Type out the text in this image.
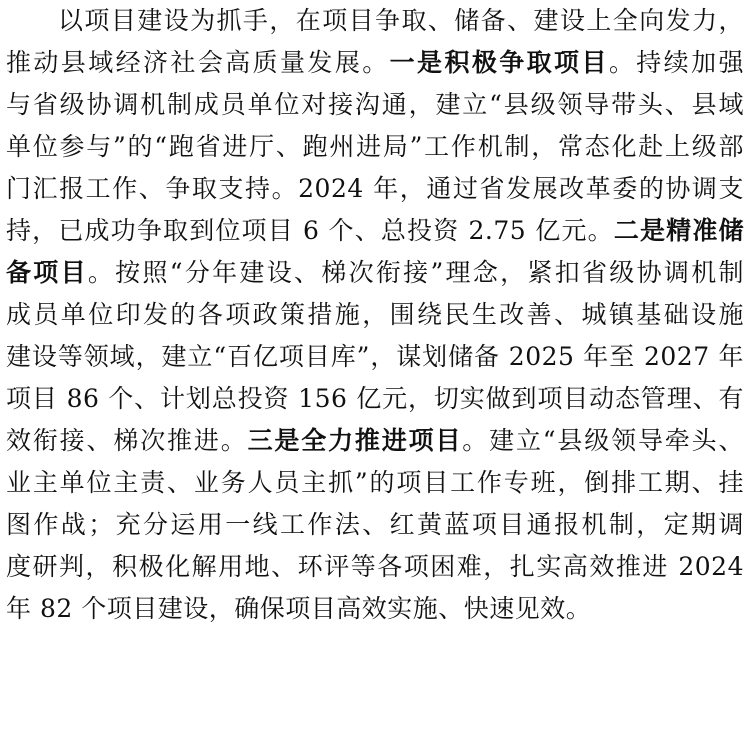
以项目建设为抓手，在项目争取、储备、建设上全向发力，
推动县域经济社会高质量发展。一是积极争取项目。持续加强
与省级协调机制成员单位对接沟通，建立“县级领导带头、县域
单位参与”的“跑省进厅、跑州进局”工作机制，常态化赴上级部
门汇报工作、争取支持。2024 年，通过省发展改革委的协调支
持，已成功争取到位项目 6 个、总投资 2.75 亿元。二是精准储
备项目。按照“分年建设、梯次衔接”理念，紧扣省级协调机制
成员单位印发的各项政策措施，围绕民生改善、城镇基础设施
建设等领域，建立“百亿项目库”，谋划储备 2025 年至 2027 年
项目 86 个、计划总投资 156 亿元，切实做到项目动态管理、有
效衔接、梯次推进。三是全力推进项目。建立“县级领导牵头、
业主单位主责、业务人员主抓”的项目工作专班，倒排工期、挂
图作战；充分运用一线工作法、红黄蓝项目通报机制，定期调
度研判，积极化解用地、环评等各项困难，扎实高效推进 2024
年 82 个项目建设，确保项目高效实施、快速见效。
